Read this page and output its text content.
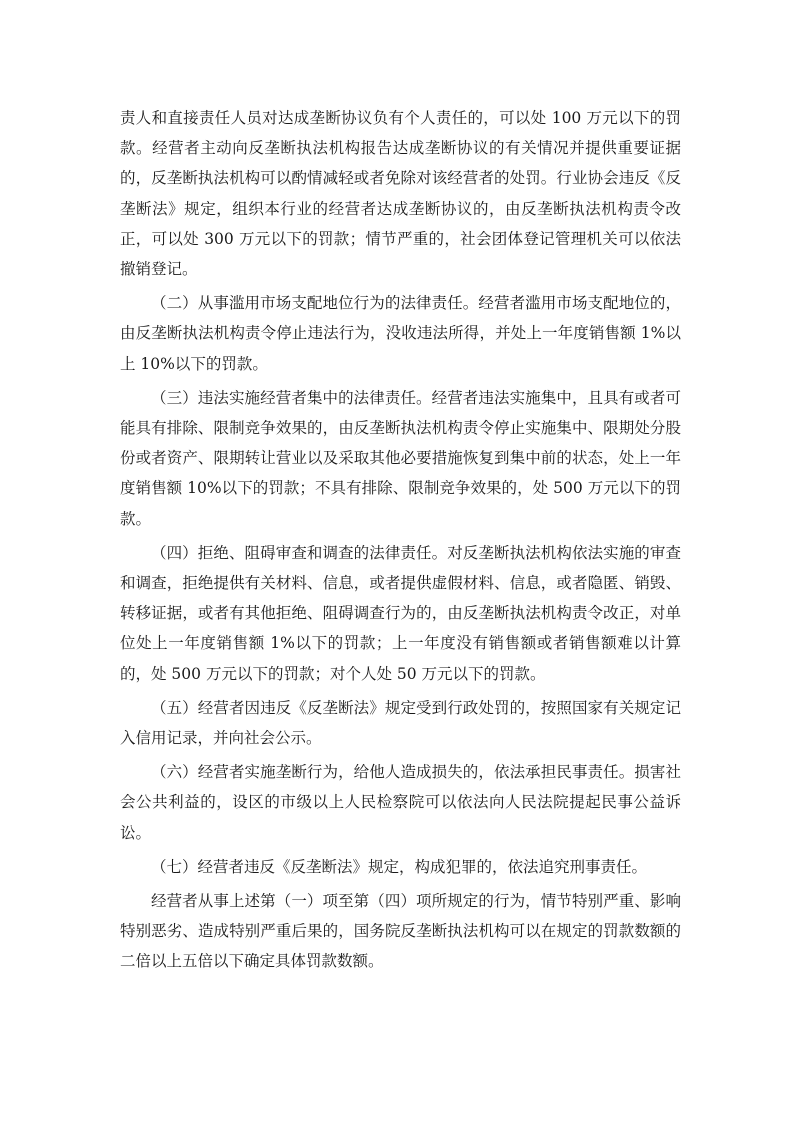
责人和直接责任人员对达成垄断协议负有个人责任的，可以处 100 万元以下的罚款。经营者主动向反垄断执法机构报告达成垄断协议的有关情况并提供重要证据的，反垄断执法机构可以酌情减轻或者免除对该经营者的处罚。行业协会违反《反垄断法》规定，组织本行业的经营者达成垄断协议的，由反垄断执法机构责令改正，可以处 300 万元以下的罚款；情节严重的，社会团体登记管理机关可以依法撤销登记。

（二）从事滥用市场支配地位行为的法律责任。经营者滥用市场支配地位的，由反垄断执法机构责令停止违法行为，没收违法所得，并处上一年度销售额 1%以上 10%以下的罚款。

（三）违法实施经营者集中的法律责任。经营者违法实施集中，且具有或者可能具有排除、限制竞争效果的，由反垄断执法机构责令停止实施集中、限期处分股份或者资产、限期转让营业以及采取其他必要措施恢复到集中前的状态，处上一年度销售额 10%以下的罚款；不具有排除、限制竞争效果的，处 500 万元以下的罚款。

（四）拒绝、阻碍审查和调查的法律责任。对反垄断执法机构依法实施的审查和调查，拒绝提供有关材料、信息，或者提供虚假材料、信息，或者隐匿、销毁、转移证据，或者有其他拒绝、阻碍调查行为的，由反垄断执法机构责令改正，对单位处上一年度销售额 1%以下的罚款；上一年度没有销售额或者销售额难以计算的，处 500 万元以下的罚款；对个人处 50 万元以下的罚款。

（五）经营者因违反《反垄断法》规定受到行政处罚的，按照国家有关规定记入信用记录，并向社会公示。

（六）经营者实施垄断行为，给他人造成损失的，依法承担民事责任。损害社会公共利益的，设区的市级以上人民检察院可以依法向人民法院提起民事公益诉讼。

（七）经营者违反《反垄断法》规定，构成犯罪的，依法追究刑事责任。

经营者从事上述第（一）项至第（四）项所规定的行为，情节特别严重、影响特别恶劣、造成特别严重后果的，国务院反垄断执法机构可以在规定的罚款数额的二倍以上五倍以下确定具体罚款数额。
